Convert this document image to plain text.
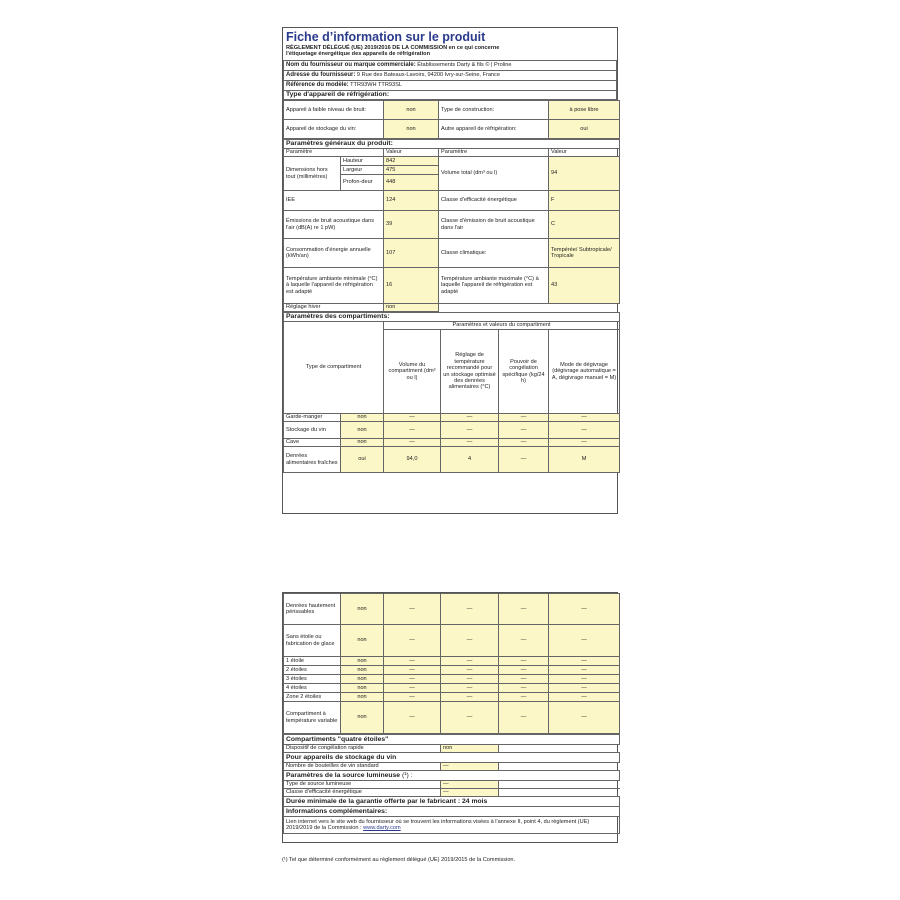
Fiche d’information sur le produit
RÈGLEMENT DÉLÉGUÉ (UE) 2019/2016 DE LA COMMISSION en ce qui concerne
l'étiquetage énergétique des appareils de réfrigération
Nom du fournisseur ou marque commerciale: Établissements Darty & fils © | Proline
Adresse du fournisseur: 9 Rue des Bateaux-Lavoirs, 94200 Ivry-sur-Seine, France
Référence du modèle: TTR93WH TTR93SL
Type d'appareil de réfrigération:
Appareil à faible niveau de bruit:	non	Type de construction:	à pose libre
Appareil de stockage du vin:	non	Autre appareil de réfrigération:	oui
Paramètres généraux du produit:				
Paramètre		Valeur	Paramètre	Valeur
Dimensions hors tout (millimètres)	Hauteur	842	Volume total (dm³ ou l)	94
	Largeur	475		
	Profon-deur	448		
IEE		124	Classe d'efficacité énergétique	F
Émissions de bruit acoustique dans l'air (dB(A) re 1 pW)		39	Classe d'émission de bruit acoustique dans l'air	C
Consommation d'énergie annuelle (kWh/an)		107	Classe climatique:	Tempérée/ Subtropicale/ Tropicale
Température ambiante minimale (°C) à laquelle l'appareil de réfrigération est adapté		16	Température ambiante maximale (°C) à laquelle l'appareil de réfrigération est adapté	43
Réglage hiver		non		
Paramètres des compartiments:					
Type de compartiment		Paramètres et valeurs du compartiment			
		Volume du compartiment (dm³ ou l)	Réglage de température recommandé pour un stockage optimisé des denrées alimentaires (°C)	Pouvoir de congélation spécifique (kg/24 h)	Mode de dégivrage (dégivrage automatique = A, dégivrage manuel = M)
Garde-manger	non	—	—	—	—
Stockage du vin	non	—	—	—	—
Cave	non	—	—	—	—
Denrées alimentaires fraîches	oui	94,0	4	—	M
Denrées hautement périssables	non	—	—	—	—
Sans étoile ou fabrication de glace	non	—	—	—	—
1 étoile	non	—	—	—	—
2 étoiles	non	—	—	—	—
3 étoiles	non	—	—	—	—
4 étoiles	non	—	—	—	—
Zone 2 étoiles	non	—	—	—	—
Compartiment à température variable	non	—	—	—	—
Compartiments "quatre étoiles"		
Dispositif de congélation rapide	non	
Pour appareils de stockage du vin		
Nombre de bouteilles de vin standard	—	
Paramètres de la source lumineuse (¹) :		
Type de source lumineuse	—	
Classe d'efficacité énergétique	—	
Durée minimale de la garantie offerte par le fabricant : 24 mois		
Informations complémentaires:		
Lien internet vers le site web du fournisseur où se trouvent les informations visées à l'annexe II, point 4, du règlement (UE) 2019/2019 de la Commission : www.darty.com		
(¹) Tel que déterminé conformément au règlement délégué (UE) 2019/2015 de la Commission.
